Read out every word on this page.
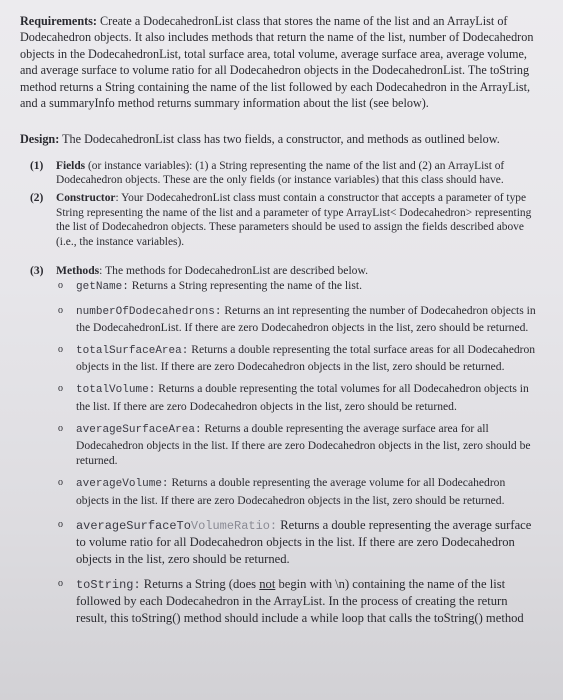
Requirements: Create a DodecahedronList class that stores the name of the list and an ArrayList of Dodecahedron objects. It also includes methods that return the name of the list, number of Dodecahedron objects in the DodecahedronList, total surface area, total volume, average surface area, average volume, and average surface to volume ratio for all Dodecahedron objects in the DodecahedronList. The toString method returns a String containing the name of the list followed by each Dodecahedron in the ArrayList, and a summaryInfo method returns summary information about the list (see below).

Design: The DodecahedronList class has two fields, a constructor, and methods as outlined below.

(1) Fields (or instance variables): (1) a String representing the name of the list and (2) an ArrayList of Dodecahedron objects. These are the only fields (or instance variables) that this class should have.
(2) Constructor: Your DodecahedronList class must contain a constructor that accepts a parameter of type String representing the name of the list and a parameter of type ArrayList< Dodecahedron> representing the list of Dodecahedron objects. These parameters should be used to assign the fields described above (i.e., the instance variables).
(3) Methods: The methods for DodecahedronList are described below.
o getName: Returns a String representing the name of the list.
o numberOfDodecahedrons: Returns an int representing the number of Dodecahedron objects in the DodecahedronList. If there are zero Dodecahedron objects in the list, zero should be returned.
o totalSurfaceArea: Returns a double representing the total surface areas for all Dodecahedron objects in the list. If there are zero Dodecahedron objects in the list, zero should be returned.
o totalVolume: Returns a double representing the total volumes for all Dodecahedron objects in the list. If there are zero Dodecahedron objects in the list, zero should be returned.
o averageSurfaceArea: Returns a double representing the average surface area for all Dodecahedron objects in the list. If there are zero Dodecahedron objects in the list, zero should be returned.
o averageVolume: Returns a double representing the average volume for all Dodecahedron objects in the list. If there are zero Dodecahedron objects in the list, zero should be returned.
o averageSurfaceToVolumeRatio: Returns a double representing the average surface to volume ratio for all Dodecahedron objects in the list. If there are zero Dodecahedron objects in the list, zero should be returned.
o toString: Returns a String (does not begin with \n) containing the name of the list followed by each Dodecahedron in the ArrayList. In the process of creating the return result, this toString() method should include a while loop that calls the toString() method
